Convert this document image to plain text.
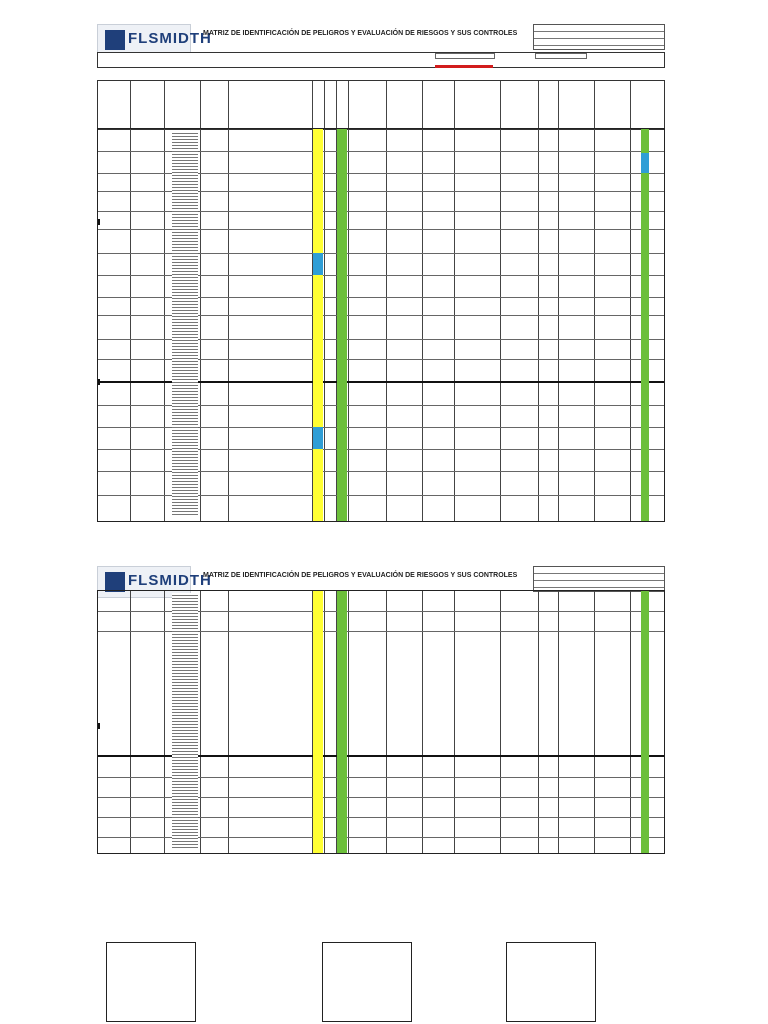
FLSMIDTH
MATRIZ DE IDENTIFICACIÓN DE PELIGROS Y EVALUACIÓN DE RIESGOS Y SUS CONTROLES
FLSMIDTH
MATRIZ DE IDENTIFICACIÓN DE PELIGROS Y EVALUACIÓN DE RIESGOS Y SUS CONTROLES
